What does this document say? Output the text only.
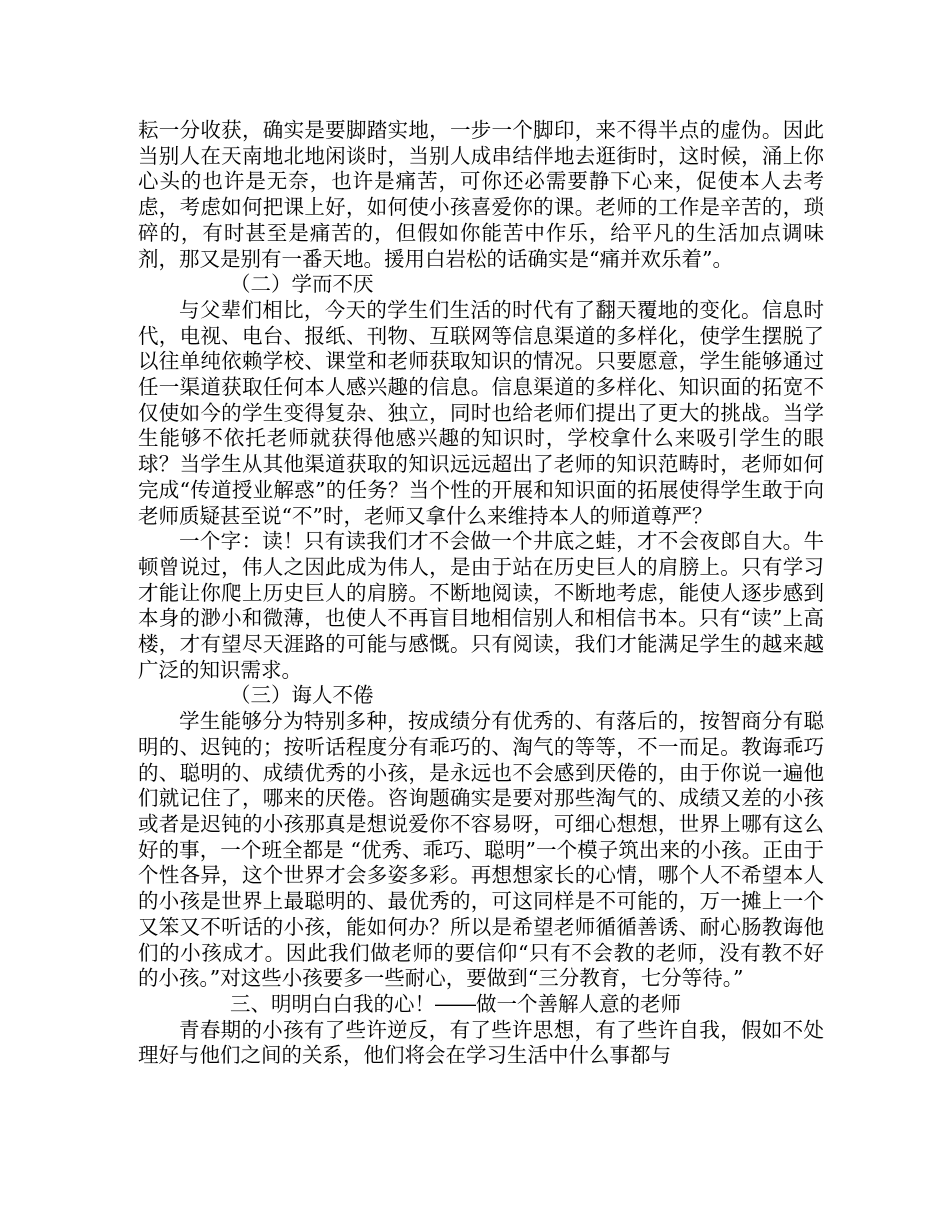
耘一分收获，确实是要脚踏实地，一步一个脚印，来不得半点的虚伪。因此当别人在天南地北地闲谈时，当别人成串结伴地去逛街时，这时候，涌上你心头的也许是无奈，也许是痛苦，可你还必需要静下心来，促使本人去考虑，考虑如何把课上好，如何使小孩喜爱你的课。老师的工作是辛苦的，琐碎的，有时甚至是痛苦的，但假如你能苦中作乐，给平凡的生活加点调味剂，那又是别有一番天地。援用白岩松的话确实是“痛并欢乐着”。

（二）学而不厌

与父辈们相比，今天的学生们生活的时代有了翻天覆地的变化。信息时代，电视、电台、报纸、刊物、互联网等信息渠道的多样化，使学生摆脱了以往单纯依赖学校、课堂和老师获取知识的情况。只要愿意，学生能够通过任一渠道获取任何本人感兴趣的信息。信息渠道的多样化、知识面的拓宽不仅使如今的学生变得复杂、独立，同时也给老师们提出了更大的挑战。当学生能够不依托老师就获得他感兴趣的知识时，学校拿什么来吸引学生的眼球？当学生从其他渠道获取的知识远远超出了老师的知识范畴时，老师如何完成“传道授业解惑”的任务？当个性的开展和知识面的拓展使得学生敢于向老师质疑甚至说“不”时，老师又拿什么来维持本人的师道尊严？

一个字：读！只有读我们才不会做一个井底之蛙，才不会夜郎自大。牛顿曾说过，伟人之因此成为伟人，是由于站在历史巨人的肩膀上。只有学习才能让你爬上历史巨人的肩膀。不断地阅读，不断地考虑，能使人逐步感到本身的渺小和微薄，也使人不再盲目地相信别人和相信书本。只有“读”上高楼，才有望尽天涯路的可能与感慨。只有阅读，我们才能满足学生的越来越广泛的知识需求。

（三）诲人不倦

学生能够分为特别多种，按成绩分有优秀的、有落后的，按智商分有聪明的、迟钝的；按听话程度分有乖巧的、淘气的等等，不一而足。教诲乖巧的、聪明的、成绩优秀的小孩，是永远也不会感到厌倦的，由于你说一遍他们就记住了，哪来的厌倦。咨询题确实是要对那些淘气的、成绩又差的小孩或者是迟钝的小孩那真是想说爱你不容易呀，可细心想想，世界上哪有这么好的事，一个班全都是 “优秀、乖巧、聪明”一个模子筑出来的小孩。正由于个性各异，这个世界才会多姿多彩。再想想家长的心情，哪个人不希望本人的小孩是世界上最聪明的、最优秀的，可这同样是不可能的，万一摊上一个又笨又不听话的小孩，能如何办？所以是希望老师循循善诱、耐心肠教诲他们的小孩成才。因此我们做老师的要信仰“只有不会教的老师，没有教不好的小孩。”对这些小孩要多一些耐心，要做到“三分教育，七分等待。”

三、明明白白我的心！――做一个善解人意的老师

青春期的小孩有了些许逆反，有了些许思想，有了些许自我，假如不处理好与他们之间的关系，他们将会在学习生活中什么事都与
